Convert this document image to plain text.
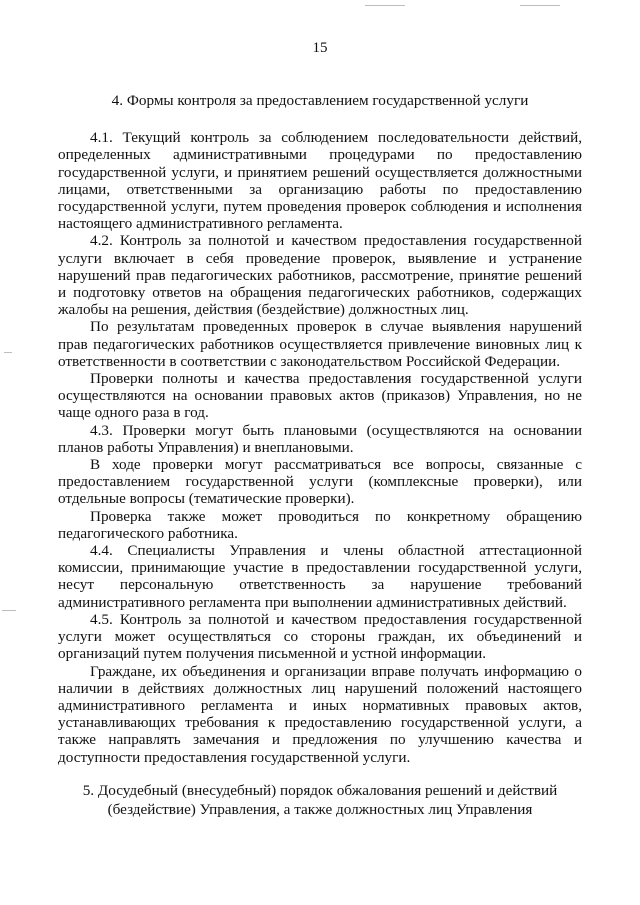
15

4. Формы контроля за предоставлением государственной услуги

4.1. Текущий контроль за соблюдением последовательности действий, определенных административными процедурами по предоставлению государственной услуги, и принятием решений осуществляется должностными лицами, ответственными за организацию работы по предоставлению государственной услуги, путем проведения проверок соблюдения и исполнения настоящего административного регламента.

4.2. Контроль за полнотой и качеством предоставления государственной услуги включает в себя проведение проверок, выявление и устранение нарушений прав педагогических работников, рассмотрение, принятие решений и подготовку ответов на обращения педагогических работников, содержащих жалобы на решения, действия (бездействие) должностных лиц.

По результатам проведенных проверок в случае выявления нарушений прав педагогических работников осуществляется привлечение виновных лиц к ответственности в соответствии с законодательством Российской Федерации.

Проверки полноты и качества предоставления государственной услуги осуществляются на основании правовых актов (приказов) Управления, но не чаще одного раза в год.

4.3. Проверки могут быть плановыми (осуществляются на основании планов работы Управления) и внеплановыми.

В ходе проверки могут рассматриваться все вопросы, связанные с предоставлением государственной услуги (комплексные проверки), или отдельные вопросы (тематические проверки).

Проверка также может проводиться по конкретному обращению педагогического работника.

4.4. Специалисты Управления и члены областной аттестационной комиссии, принимающие участие в предоставлении государственной услуги, несут персональную ответственность за нарушение требований административного регламента при выполнении административных действий.

4.5. Контроль за полнотой и качеством предоставления государственной услуги может осуществляться со стороны граждан, их объединений и организаций путем получения письменной и устной информации.

Граждане, их объединения и организации вправе получать информацию о наличии в действиях должностных лиц нарушений положений настоящего административного регламента и иных нормативных правовых актов, устанавливающих требования к предоставлению государственной услуги, а также направлять замечания и предложения по улучшению качества и доступности предоставления государственной услуги.

5. Досудебный (внесудебный) порядок обжалования решений и действий
(бездействие) Управления, а также должностных лиц Управления
